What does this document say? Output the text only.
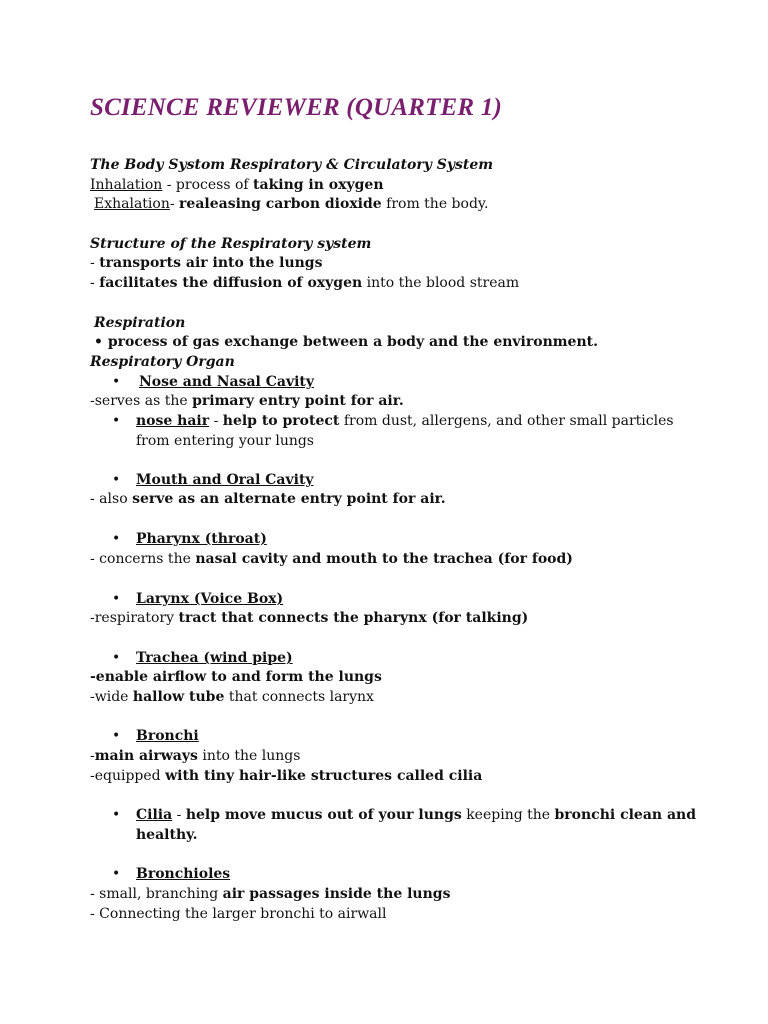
SCIENCE REVIEWER (QUARTER 1)
The Body Systom Respiratory & Circulatory System
Inhalation - process of taking in oxygen
Exhalation- realeasing carbon dioxide from the body.
Structure of the Respiratory system
- transports air into the lungs
- facilitates the diffusion of oxygen into the blood stream
Respiration
• process of gas exchange between a body and the environment.
Respiratory Organ
• Nose and Nasal Cavity
-serves as the primary entry point for air.
• nose hair - help to protect from dust, allergens, and other small particles from entering your lungs
• Mouth and Oral Cavity
- also serve as an alternate entry point for air.
• Pharynx (throat)
- concerns the nasal cavity and mouth to the trachea (for food)
• Larynx (Voice Box)
-respiratory tract that connects the pharynx (for talking)
• Trachea (wind pipe)
-enable airflow to and form the lungs
-wide hallow tube that connects larynx
• Bronchi
-main airways into the lungs
-equipped with tiny hair-like structures called cilia
• Cilia - help move mucus out of your lungs keeping the bronchi clean and healthy.
• Bronchioles
- small, branching air passages inside the lungs
- Connecting the larger bronchi to airwall
